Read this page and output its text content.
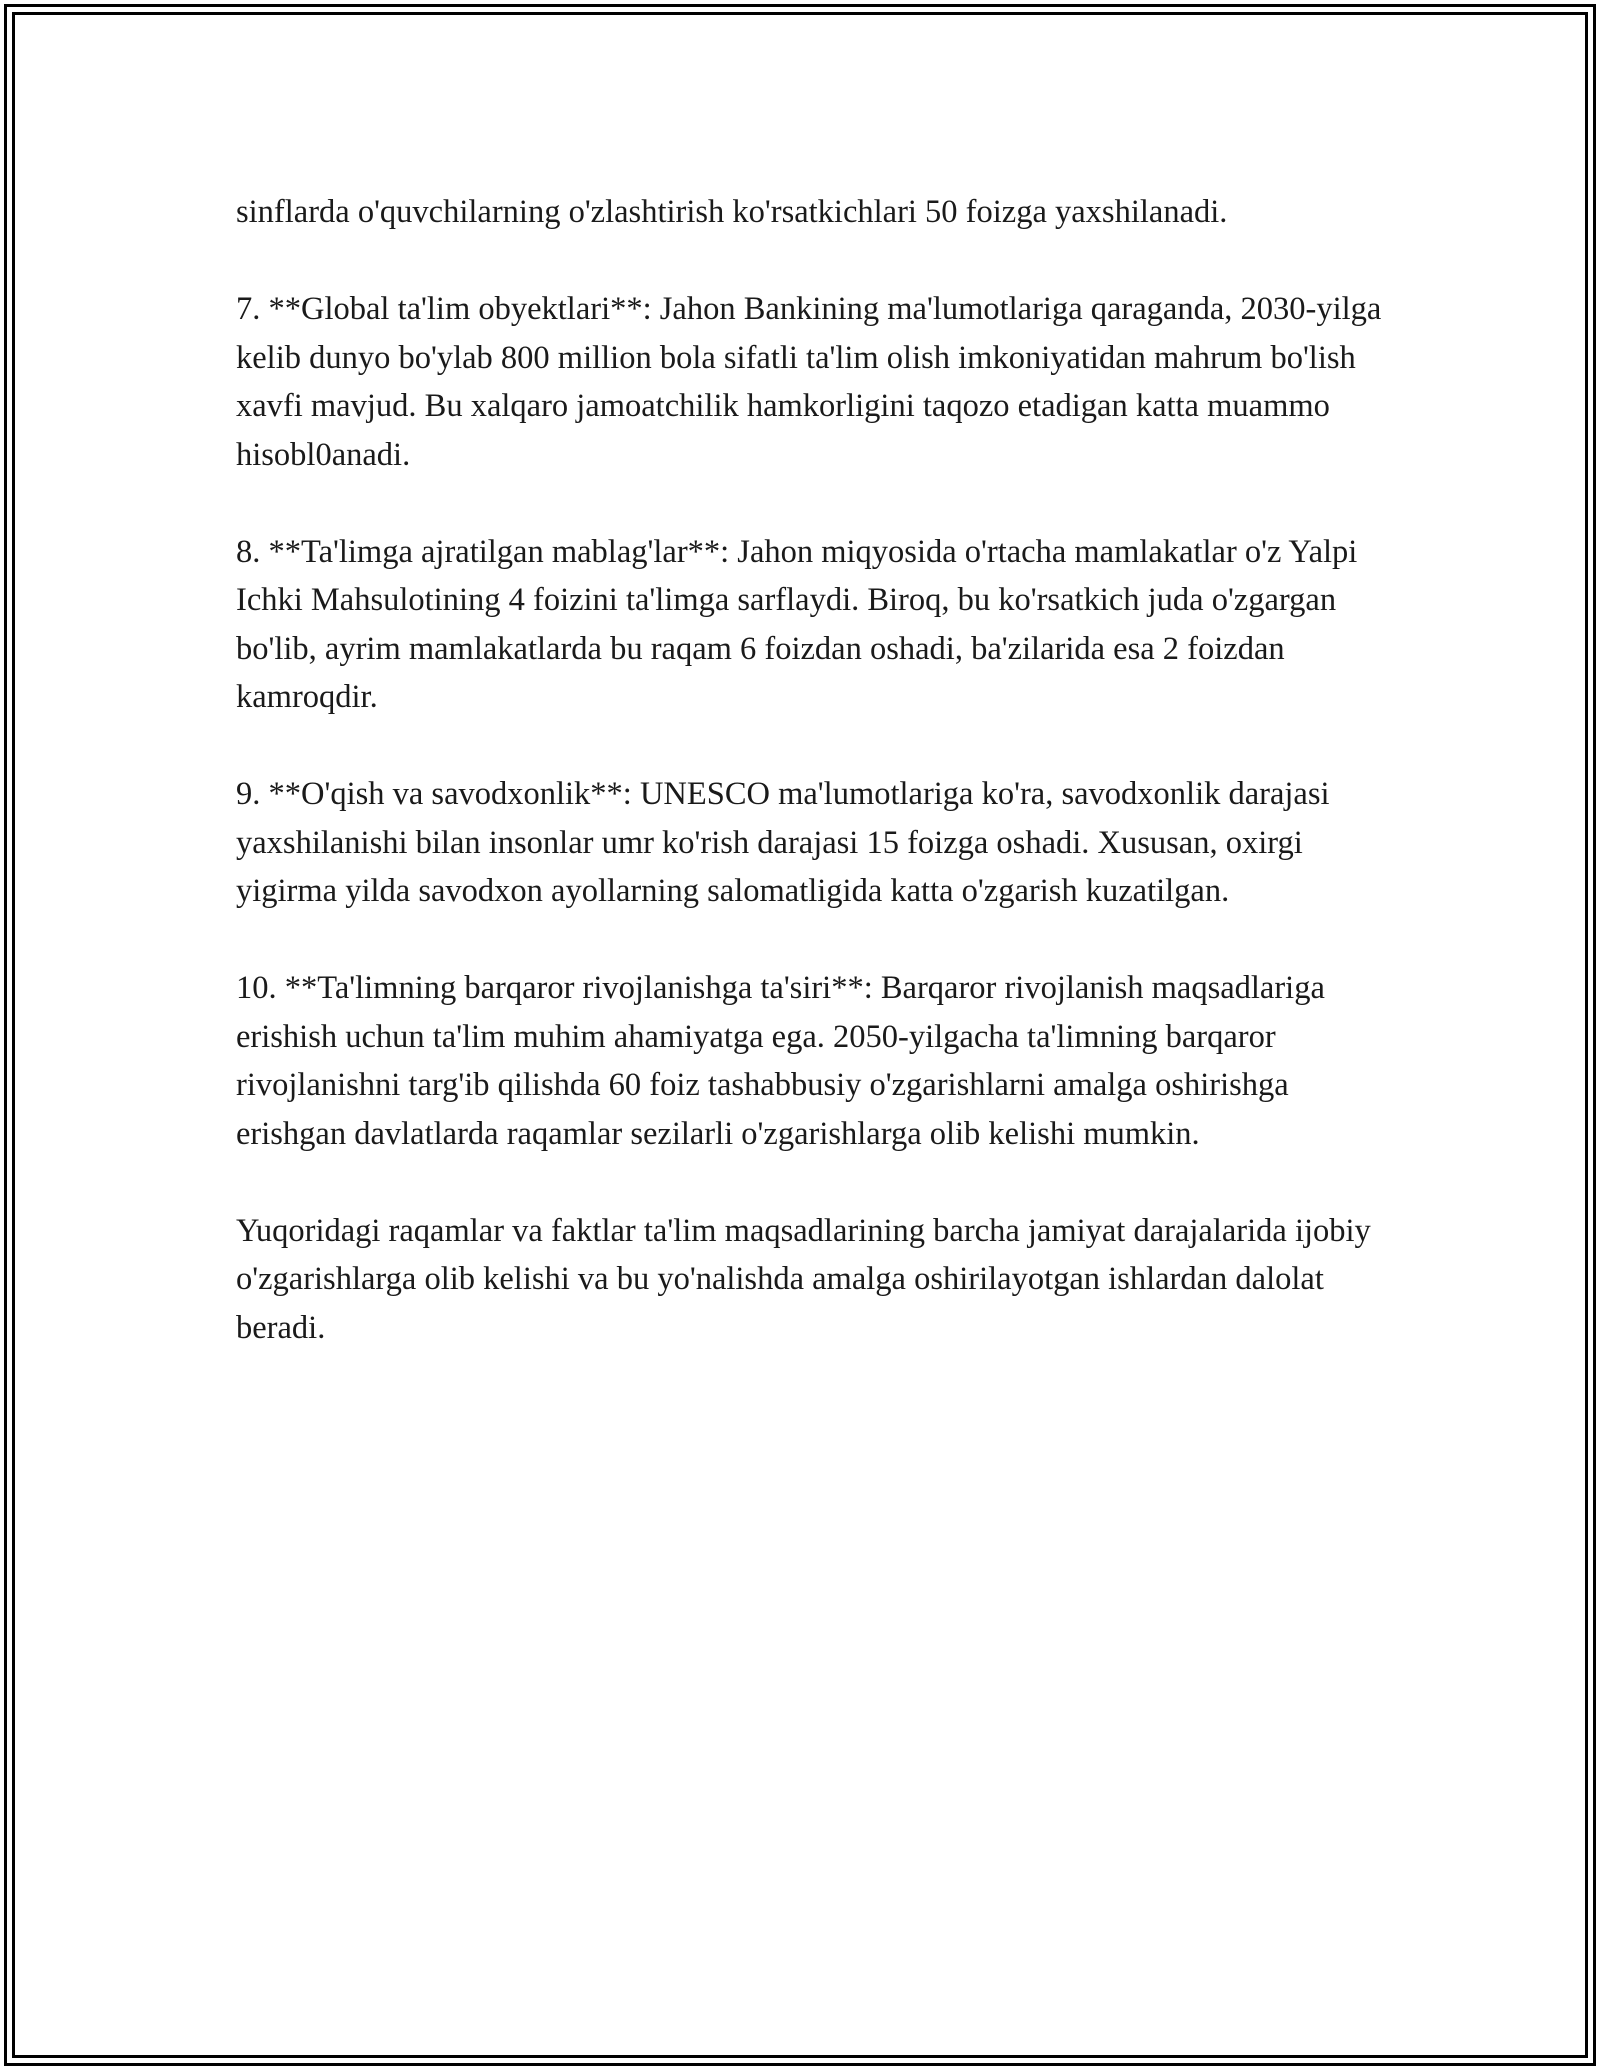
sinflarda o'quvchilarning o'zlashtirish ko'rsatkichlari 50 foizga yaxshilanadi.

7. **Global ta'lim obyektlari**: Jahon Bankining ma'lumotlariga qaraganda, 2030-yilga kelib dunyo bo'ylab 800 million bola sifatli ta'lim olish imkoniyatidan mahrum bo'lish xavfi mavjud. Bu xalqaro jamoatchilik hamkorligini taqozo etadigan katta muammo hisobl0anadi.

8. **Ta'limga ajratilgan mablag'lar**: Jahon miqyosida o'rtacha mamlakatlar o'z Yalpi Ichki Mahsulotining 4 foizini ta'limga sarflaydi. Biroq, bu ko'rsatkich juda o'zgargan bo'lib, ayrim mamlakatlarda bu raqam 6 foizdan oshadi, ba'zilarida esa 2 foizdan kamroqdir.

9. **O'qish va savodxonlik**: UNESCO ma'lumotlariga ko'ra, savodxonlik darajasi yaxshilanishi bilan insonlar umr ko'rish darajasi 15 foizga oshadi. Xususan, oxirgi yigirma yilda savodxon ayollarning salomatligida katta o'zgarish kuzatilgan.

10. **Ta'limning barqaror rivojlanishga ta'siri**: Barqaror rivojlanish maqsadlariga erishish uchun ta'lim muhim ahamiyatga ega. 2050-yilgacha ta'limning barqaror rivojlanishni targ'ib qilishda 60 foiz tashabbusiy o'zgarishlarni amalga oshirishga erishgan davlatlarda raqamlar sezilarli o'zgarishlarga olib kelishi mumkin.

Yuqoridagi raqamlar va faktlar ta'lim maqsadlarining barcha jamiyat darajalarida ijobiy o'zgarishlarga olib kelishi va bu yo'nalishda amalga oshirilayotgan ishlardan dalolat beradi.
